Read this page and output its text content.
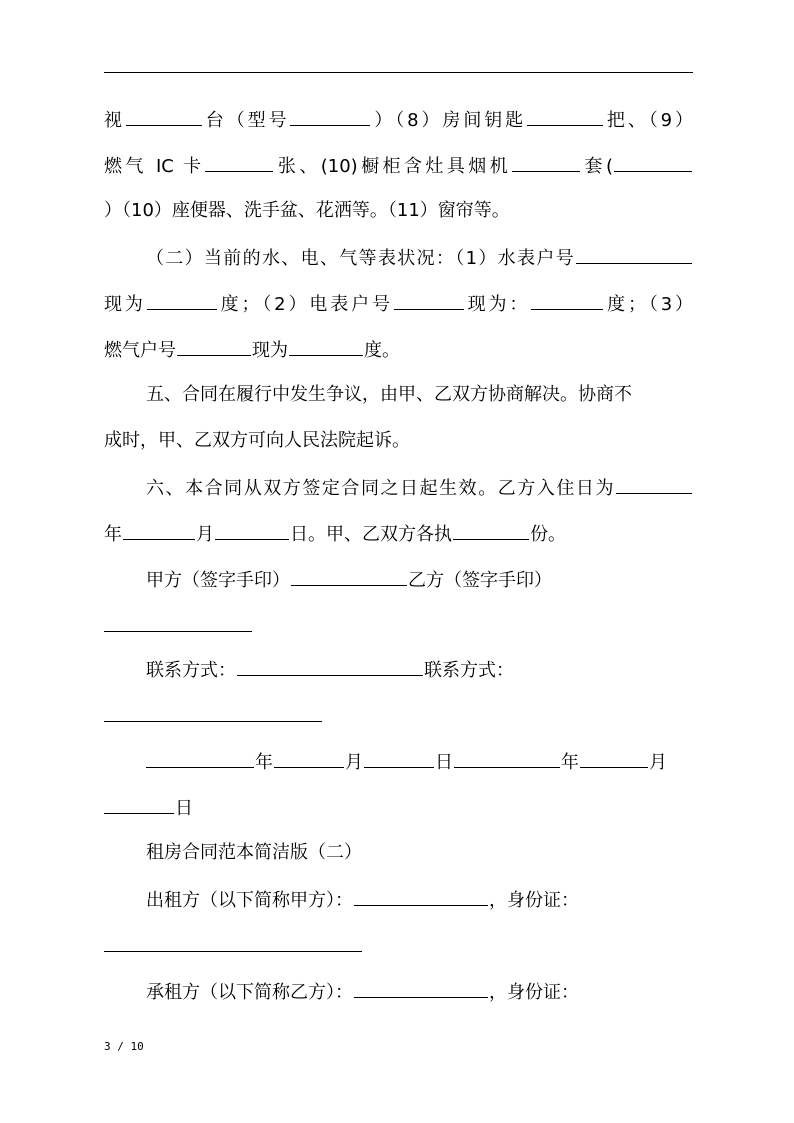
视	台（型号	）（8）房间钥匙	把、（9）
燃气 IC 卡	张、(10)橱柜含灶具烟机	套(
）（10）座便器、洗手盆、花洒等。（11）窗帘等。
（二）当前的水、电、气等表状况：（1）水表户号
现为	度；（2）电表户号	现为：	度；（3）
燃气户号	现为	度。
五、合同在履行中发生争议，由甲、乙双方协商解决。协商不
成时，甲、乙双方可向人民法院起诉。
六、本合同从双方签定合同之日起生效。乙方入住日为
年	月	日。甲、乙双方各执	份。
甲方（签字手印）	乙方（签字手印）
联系方式：	联系方式：
年	月	日	年	月
日
租房合同范本简洁版（二）
出租方（以下简称甲方）：	，身份证：
承租方（以下简称乙方）：	，身份证：
3 / 10
